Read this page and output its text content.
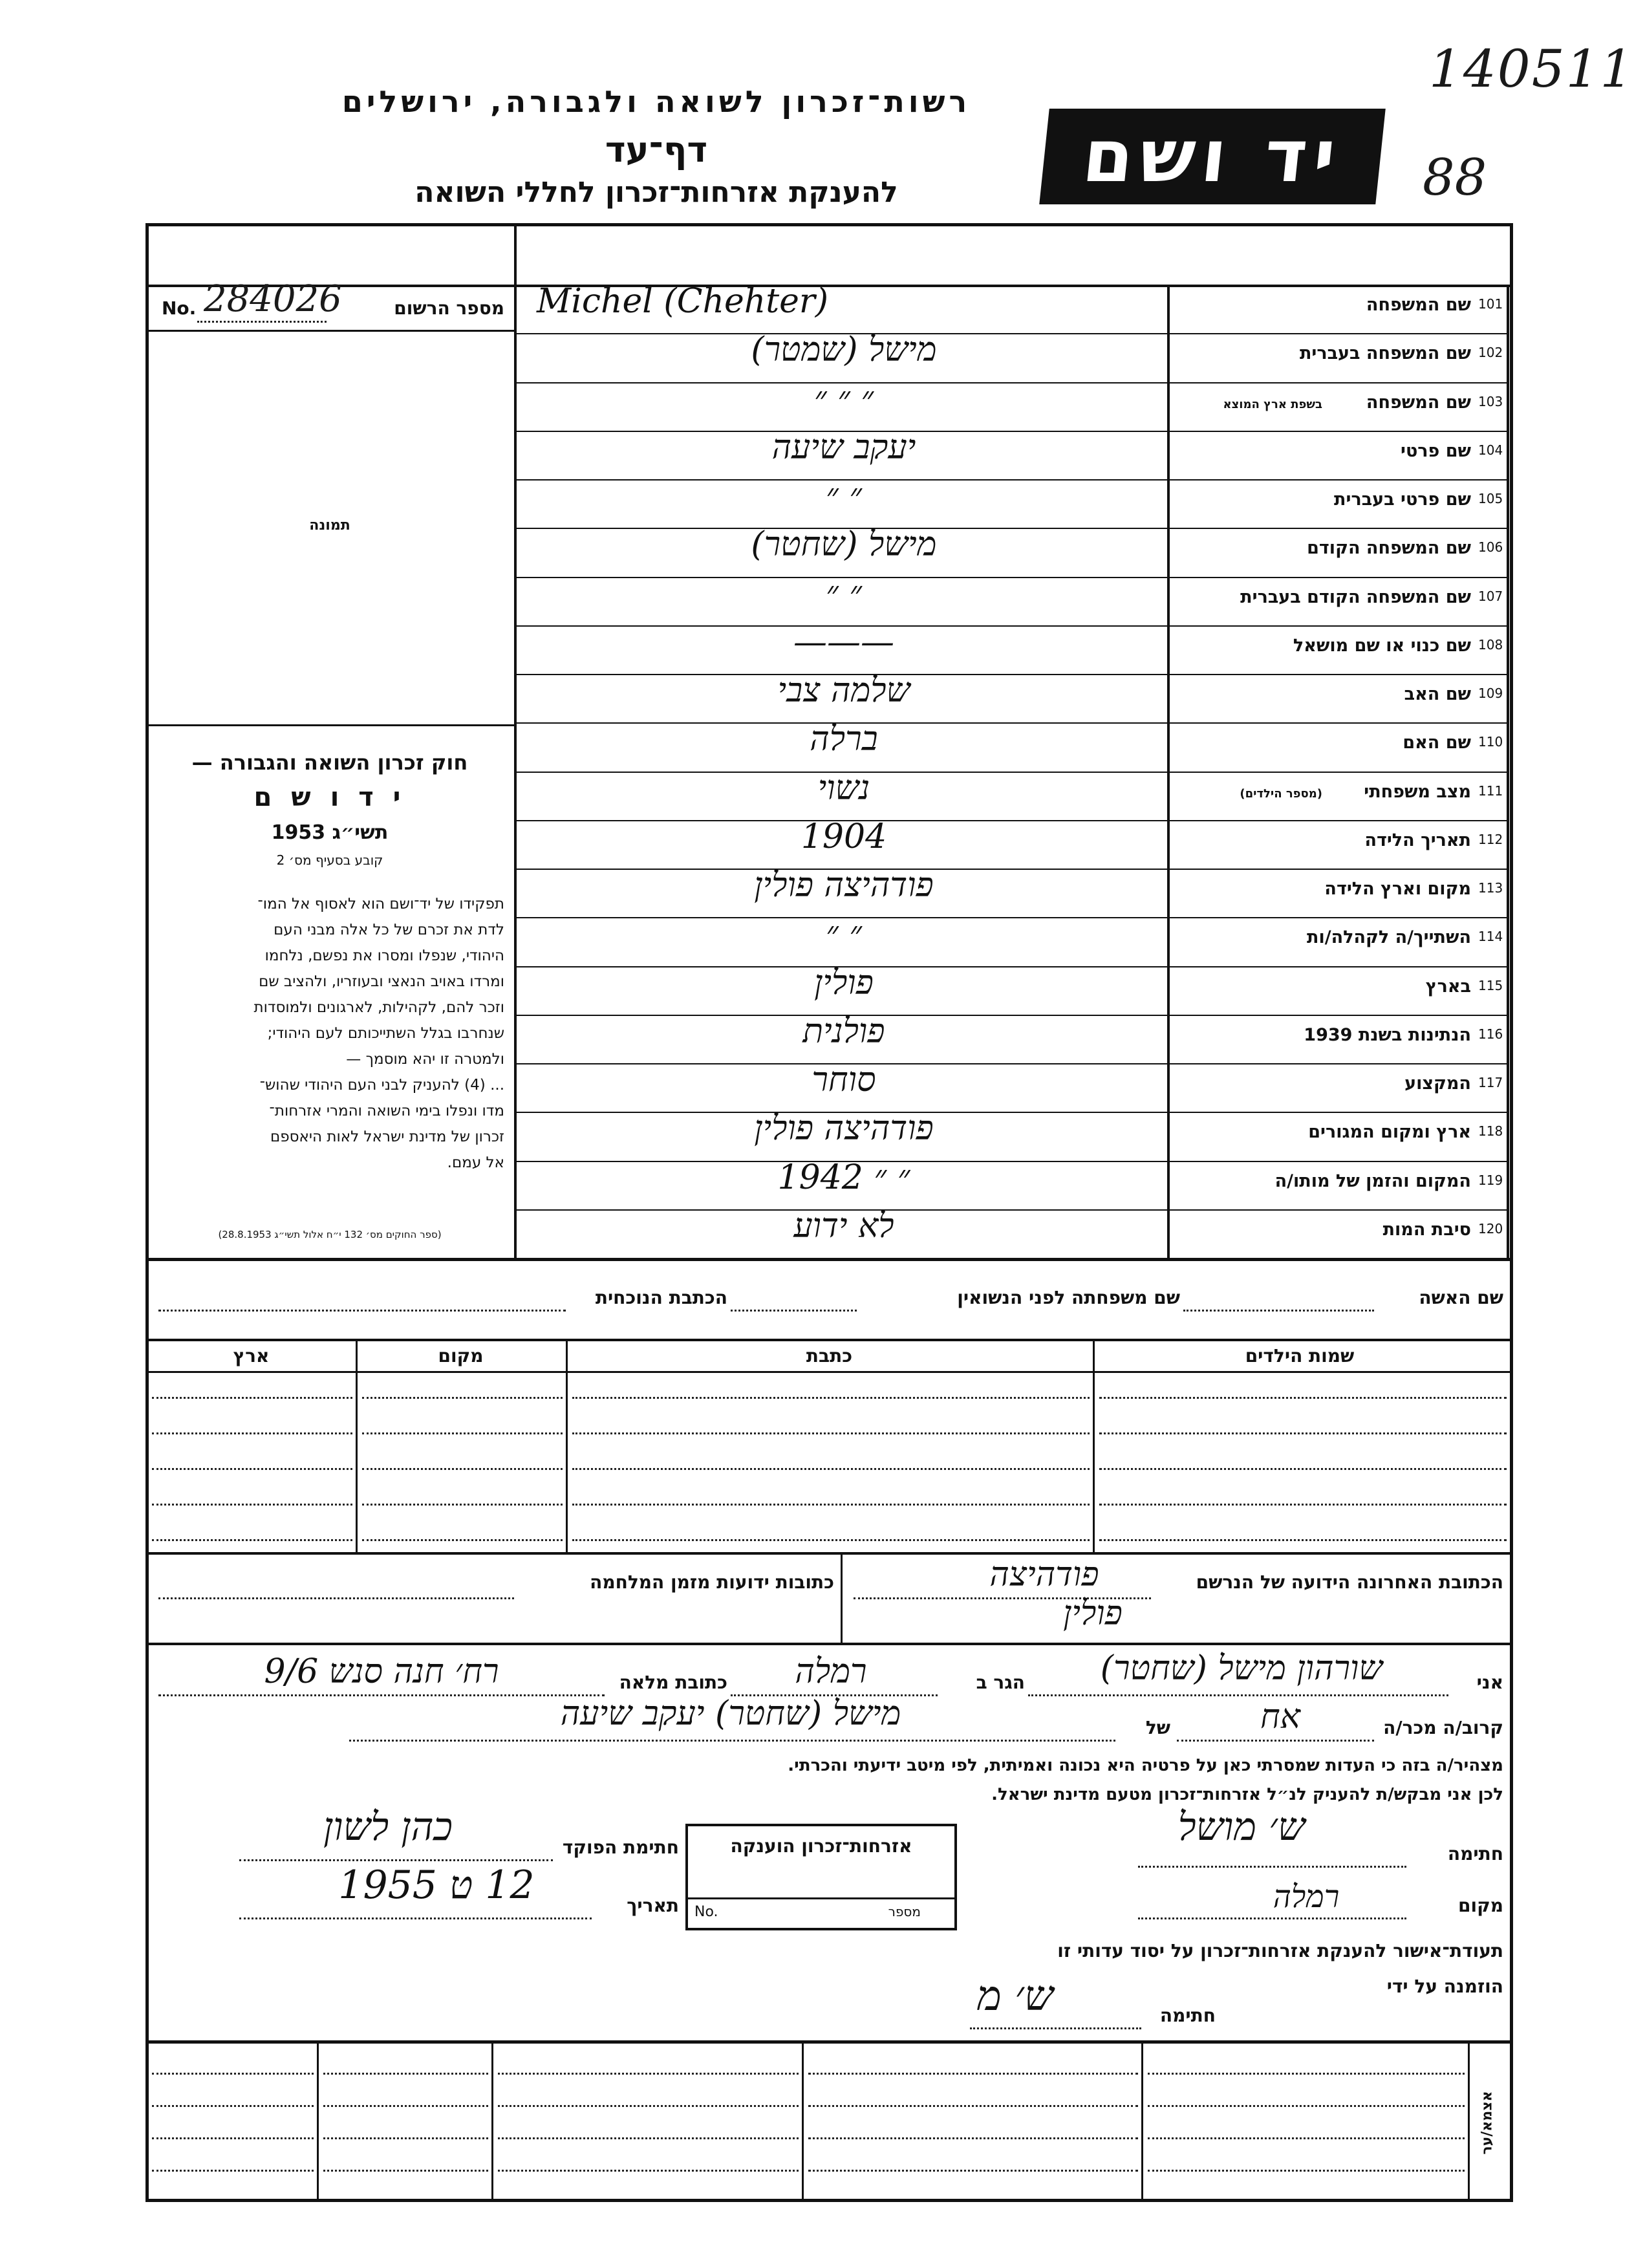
140511
88
רשות־זכרון לשואה ולגבורה, ירושלים
דף־עד
להענקת אזרחות־זכרון לחללי השואה	יד ושם
No. 284026	מספר הרשום
תמונה
חוק זכרון השואה והגבורה —
י ד ו ש ם
תשי״ג 1953
קובע בסעיף מס׳ 2
תפקידו של יד־ושם הוא לאסוף אל המו־
לדת את זכרם של כל אלה מבני העם
היהודי, שנפלו ומסרו את נפשם, נלחמו
ומרדו באויב הנאצי ובעוזריו, ולהציב שם
וזכר להם, לקהילות, לארגונים ולמוסדות
שנחרבו בגלל השתייכותם לעם היהודי;
ולמטרה זו יהא מוסמך —
... (4) להעניק לבני העם היהודי שהוש־
מדו ונפלו בימי השואה והמרי אזרחות־
זכרון של מדינת ישראל לאות היאספם
אל עמם.
(ספר החוקים מס׳ 132 י״ח אלול תשי״ג 28.8.1953)
101
שם המשפחה
Michel (Chehter)
102
שם המשפחה בעברית
מישל (שמטר)
103
שם המשפחה
בשפת ארץ המוצא
״ ״ ״
104
שם פרטי
יעקב שיעה
105
שם פרטי בעברית
״ ״
106
שם המשפחה הקודם
מישל (שחטר)
107
שם המשפחה הקודם בעברית
״ ״
108
שם כנוי או שם מושאל
———
109
שם האב
שלמה צבי
110
שם האם
ברלה
111
מצב משפחתי
(מספר הילדים)
נשוי
112
תאריך הלידה
1904
113
מקום וארץ הלידה
פודהיצה פולין
114
השתייך/ה לקהלה/ות
״ ״
115
בארץ
פולין
116
הנתינות בשנת 1939
פולנית
117
המקצוע
סוחר
118
ארץ ומקום המגורים
פודהיצה פולין
119
המקום והזמן של מותו/ה
״ ״ 1942
120
סיבת המות
לא ידוע
שם האשה
שם משפחתה לפני הנשואין
הכתבת הנוכחית
שמות הילדים
כתבת
מקום
ארץ
הכתובת האחרונה הידועה של הנרשם
פודהיצה
פולין
כתובות ידועות מזמן המלחמה
אני
שורהון מישל (שחטר)
הגר ב
רמלה
כתובת מלאה
רח׳ חנה סנש 9/6
קרוב/ה מכר/ה
אח
של
מישל (שחטר) יעקב שיעה
מצהיר/ה בזה כי העדות שמסרתי כאן על פרטיה היא נכונה ואמיתית, לפי מיטב ידיעתי והכרתי.
לכן אני מבקש/ת להעניק לנ״ל אזרחות־זכרון מטעם מדינת ישראל.
חתימה
ש׳ מושל
מקום
רמלה
אזרחות־זכרון הוענקה
No.	מספר
חתימת הפוקד
כהן לשון
תאריך
12 ט 1955
תעודת־אישור להענקת אזרחות־זכרון על יסוד עדותי זו
הוזמנה על ידי
חתימה
ש׳ מ
אצמא/ער
